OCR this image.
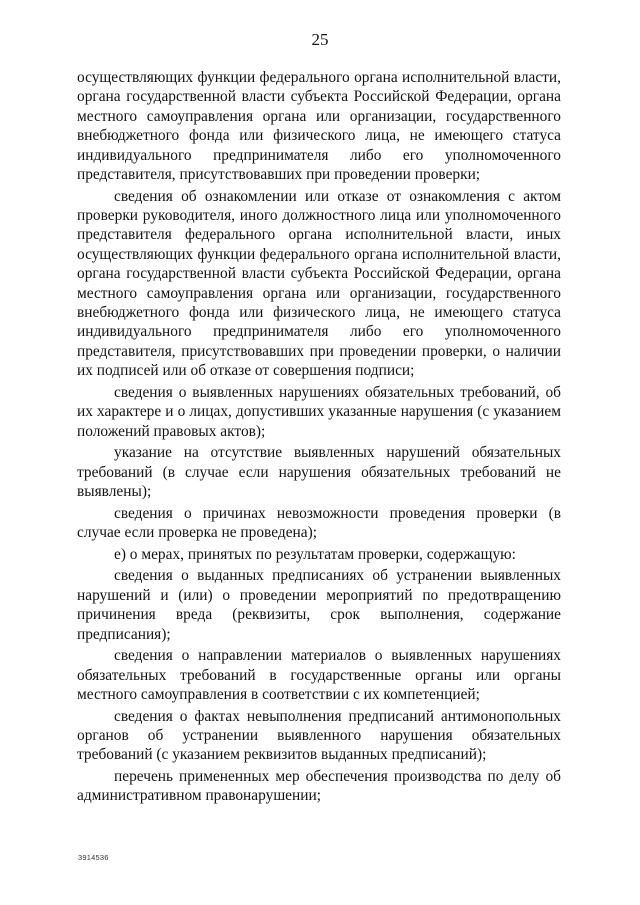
25

осуществляющих функции федерального органа исполнительной власти, органа государственной власти субъекта Российской Федерации, органа местного самоуправления органа или организации, государственного внебюджетного фонда или физического лица, не имеющего статуса индивидуального предпринимателя либо его уполномоченного представителя, присутствовавших при проведении проверки;

сведения об ознакомлении или отказе от ознакомления с актом проверки руководителя, иного должностного лица или уполномоченного представителя федерального органа исполнительной власти, иных осуществляющих функции федерального органа исполнительной власти, органа государственной власти субъекта Российской Федерации, органа местного самоуправления органа или организации, государственного внебюджетного фонда или физического лица, не имеющего статуса индивидуального предпринимателя либо его уполномоченного представителя, присутствовавших при проведении проверки, о наличии их подписей или об отказе от совершения подписи;

сведения о выявленных нарушениях обязательных требований, об их характере и о лицах, допустивших указанные нарушения (с указанием положений правовых актов);

указание на отсутствие выявленных нарушений обязательных требований (в случае если нарушения обязательных требований не выявлены);

сведения о причинах невозможности проведения проверки (в случае если проверка не проведена);

е) о мерах, принятых по результатам проверки, содержащую:

сведения о выданных предписаниях об устранении выявленных нарушений и (или) о проведении мероприятий по предотвращению причинения вреда (реквизиты, срок выполнения, содержание предписания);

сведения о направлении материалов о выявленных нарушениях обязательных требований в государственные органы или органы местного самоуправления в соответствии с их компетенцией;

сведения о фактах невыполнения предписаний антимонопольных органов об устранении выявленного нарушения обязательных требований (с указанием реквизитов выданных предписаний);

перечень примененных мер обеспечения производства по делу об административном правонарушении;

3914536
